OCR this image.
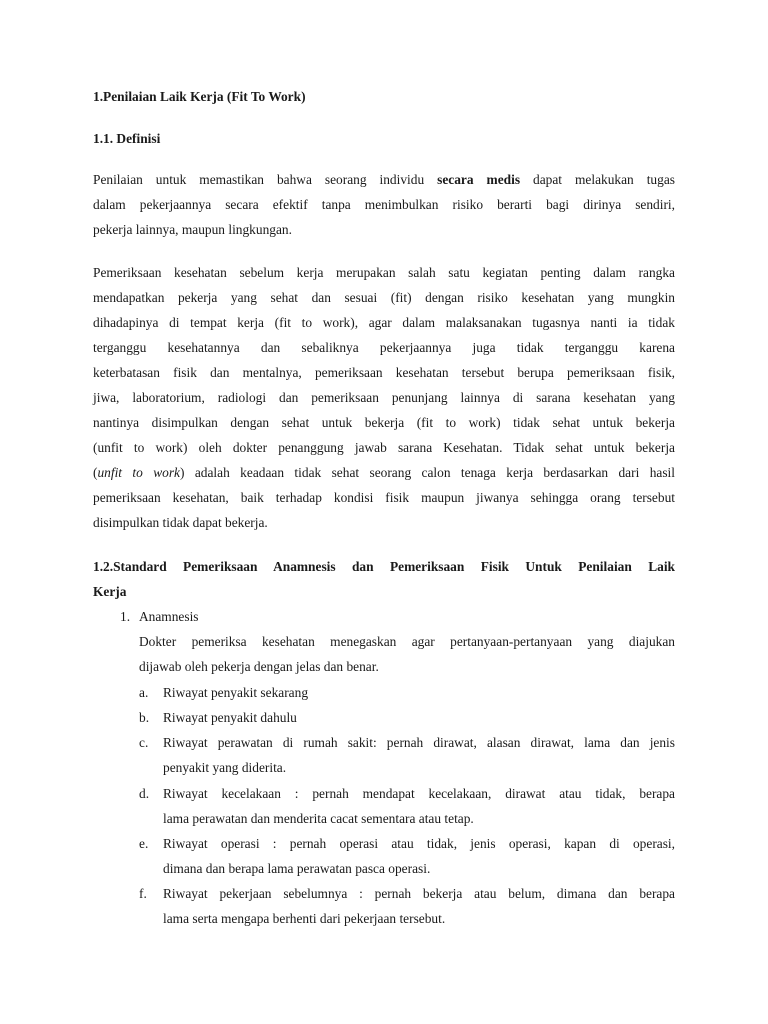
1.Penilaian Laik Kerja (Fit To Work)
1.1. Definisi
Penilaian untuk memastikan bahwa seorang individu secara medis dapat melakukan tugas
dalam pekerjaannya secara efektif tanpa menimbulkan risiko berarti bagi dirinya sendiri,
pekerja lainnya, maupun lingkungan.
Pemeriksaan kesehatan sebelum kerja merupakan salah satu kegiatan penting dalam rangka
mendapatkan pekerja yang sehat dan sesuai (fit) dengan risiko kesehatan yang mungkin
dihadapinya di tempat kerja (fit to work), agar dalam malaksanakan tugasnya nanti ia tidak
terganggu kesehatannya dan sebaliknya pekerjaannya juga tidak terganggu karena
keterbatasan fisik dan mentalnya, pemeriksaan kesehatan tersebut berupa pemeriksaan fisik,
jiwa, laboratorium, radiologi dan pemeriksaan penunjang lainnya di sarana kesehatan yang
nantinya disimpulkan dengan sehat untuk bekerja (fit to work) tidak sehat untuk bekerja
(unfit to work) oleh dokter penanggung jawab sarana Kesehatan. Tidak sehat untuk bekerja
(unfit to work) adalah keadaan tidak sehat seorang calon tenaga kerja berdasarkan dari hasil
pemeriksaan kesehatan, baik terhadap kondisi fisik maupun jiwanya sehingga orang tersebut
disimpulkan tidak dapat bekerja.
1.2.Standard Pemeriksaan Anamnesis dan Pemeriksaan Fisik Untuk Penilaian Laik
Kerja
1. Anamnesis
Dokter pemeriksa kesehatan menegaskan agar pertanyaan-pertanyaan yang diajukan
dijawab oleh pekerja dengan jelas dan benar.
a. Riwayat penyakit sekarang
b. Riwayat penyakit dahulu
c. Riwayat perawatan di rumah sakit: pernah dirawat, alasan dirawat, lama dan jenis
penyakit yang diderita.
d. Riwayat kecelakaan : pernah mendapat kecelakaan, dirawat atau tidak, berapa
lama perawatan dan menderita cacat sementara atau tetap.
e. Riwayat operasi : pernah operasi atau tidak, jenis operasi, kapan di operasi,
dimana dan berapa lama perawatan pasca operasi.
f. Riwayat pekerjaan sebelumnya : pernah bekerja atau belum, dimana dan berapa
lama serta mengapa berhenti dari pekerjaan tersebut.
